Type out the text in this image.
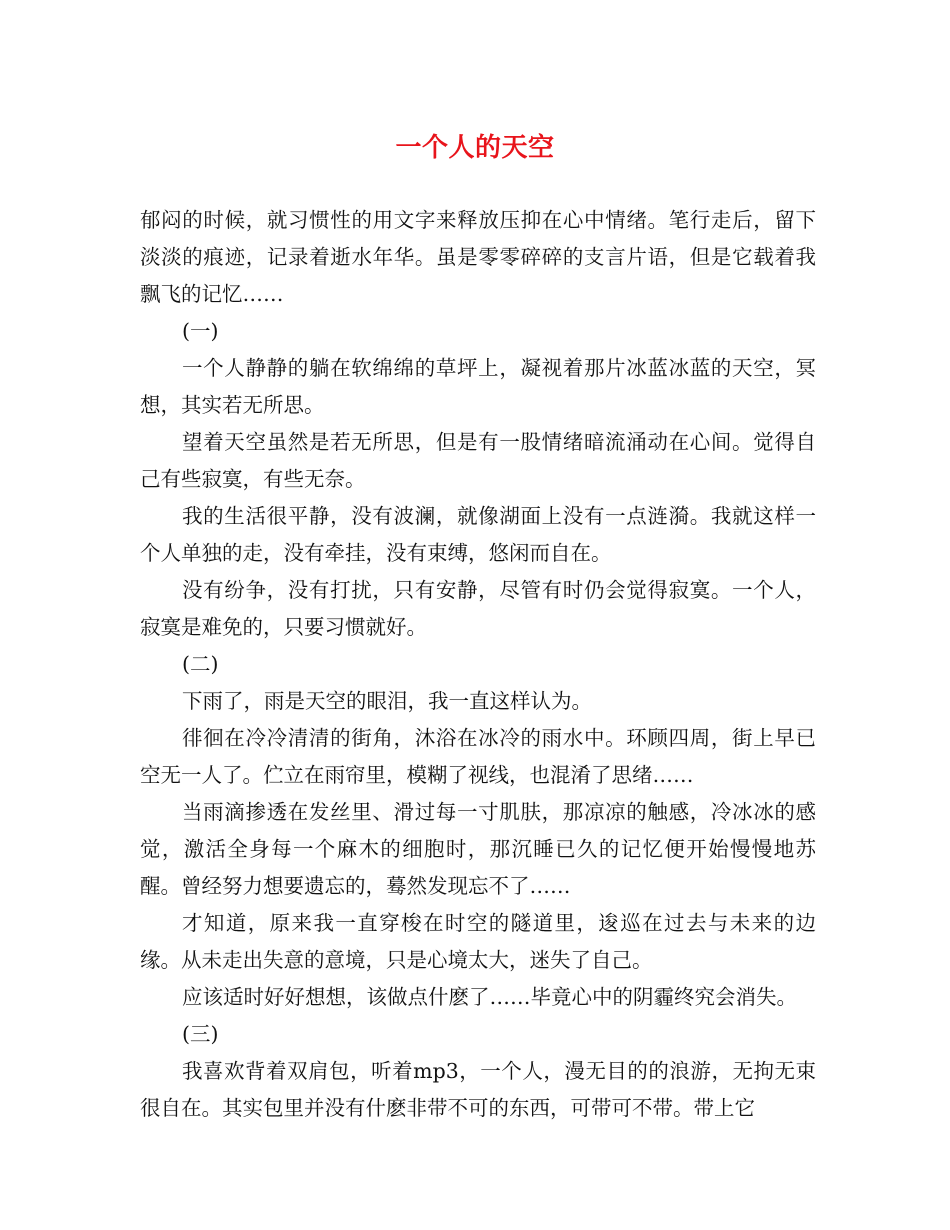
一个人的天空

郁闷的时候，就习惯性的用文字来释放压抑在心中情绪。笔行走后，留下淡淡的痕迹，记录着逝水年华。虽是零零碎碎的支言片语，但是它载着我飘飞的记忆……

(一)

一个人静静的躺在软绵绵的草坪上，凝视着那片冰蓝冰蓝的天空，冥想，其实若无所思。

望着天空虽然是若无所思，但是有一股情绪暗流涌动在心间。觉得自己有些寂寞，有些无奈。

我的生活很平静，没有波澜，就像湖面上没有一点涟漪。我就这样一个人单独的走，没有牵挂，没有束缚，悠闲而自在。

没有纷争，没有打扰，只有安静，尽管有时仍会觉得寂寞。一个人，寂寞是难免的，只要习惯就好。

(二)

下雨了，雨是天空的眼泪，我一直这样认为。

徘徊在冷冷清清的街角，沐浴在冰冷的雨水中。环顾四周，街上早已空无一人了。伫立在雨帘里，模糊了视线，也混淆了思绪……

当雨滴掺透在发丝里、滑过每一寸肌肤，那凉凉的触感，冷冰冰的感觉，激活全身每一个麻木的细胞时，那沉睡已久的记忆便开始慢慢地苏醒。曾经努力想要遗忘的，蓦然发现忘不了……

才知道，原来我一直穿梭在时空的隧道里，逡巡在过去与未来的边缘。从未走出失意的意境，只是心境太大，迷失了自己。

应该适时好好想想，该做点什麽了……毕竟心中的阴霾终究会消失。

(三)

我喜欢背着双肩包，听着mp3，一个人，漫无目的的浪游，无拘无束很自在。其实包里并没有什麽非带不可的东西，可带可不带。带上它
